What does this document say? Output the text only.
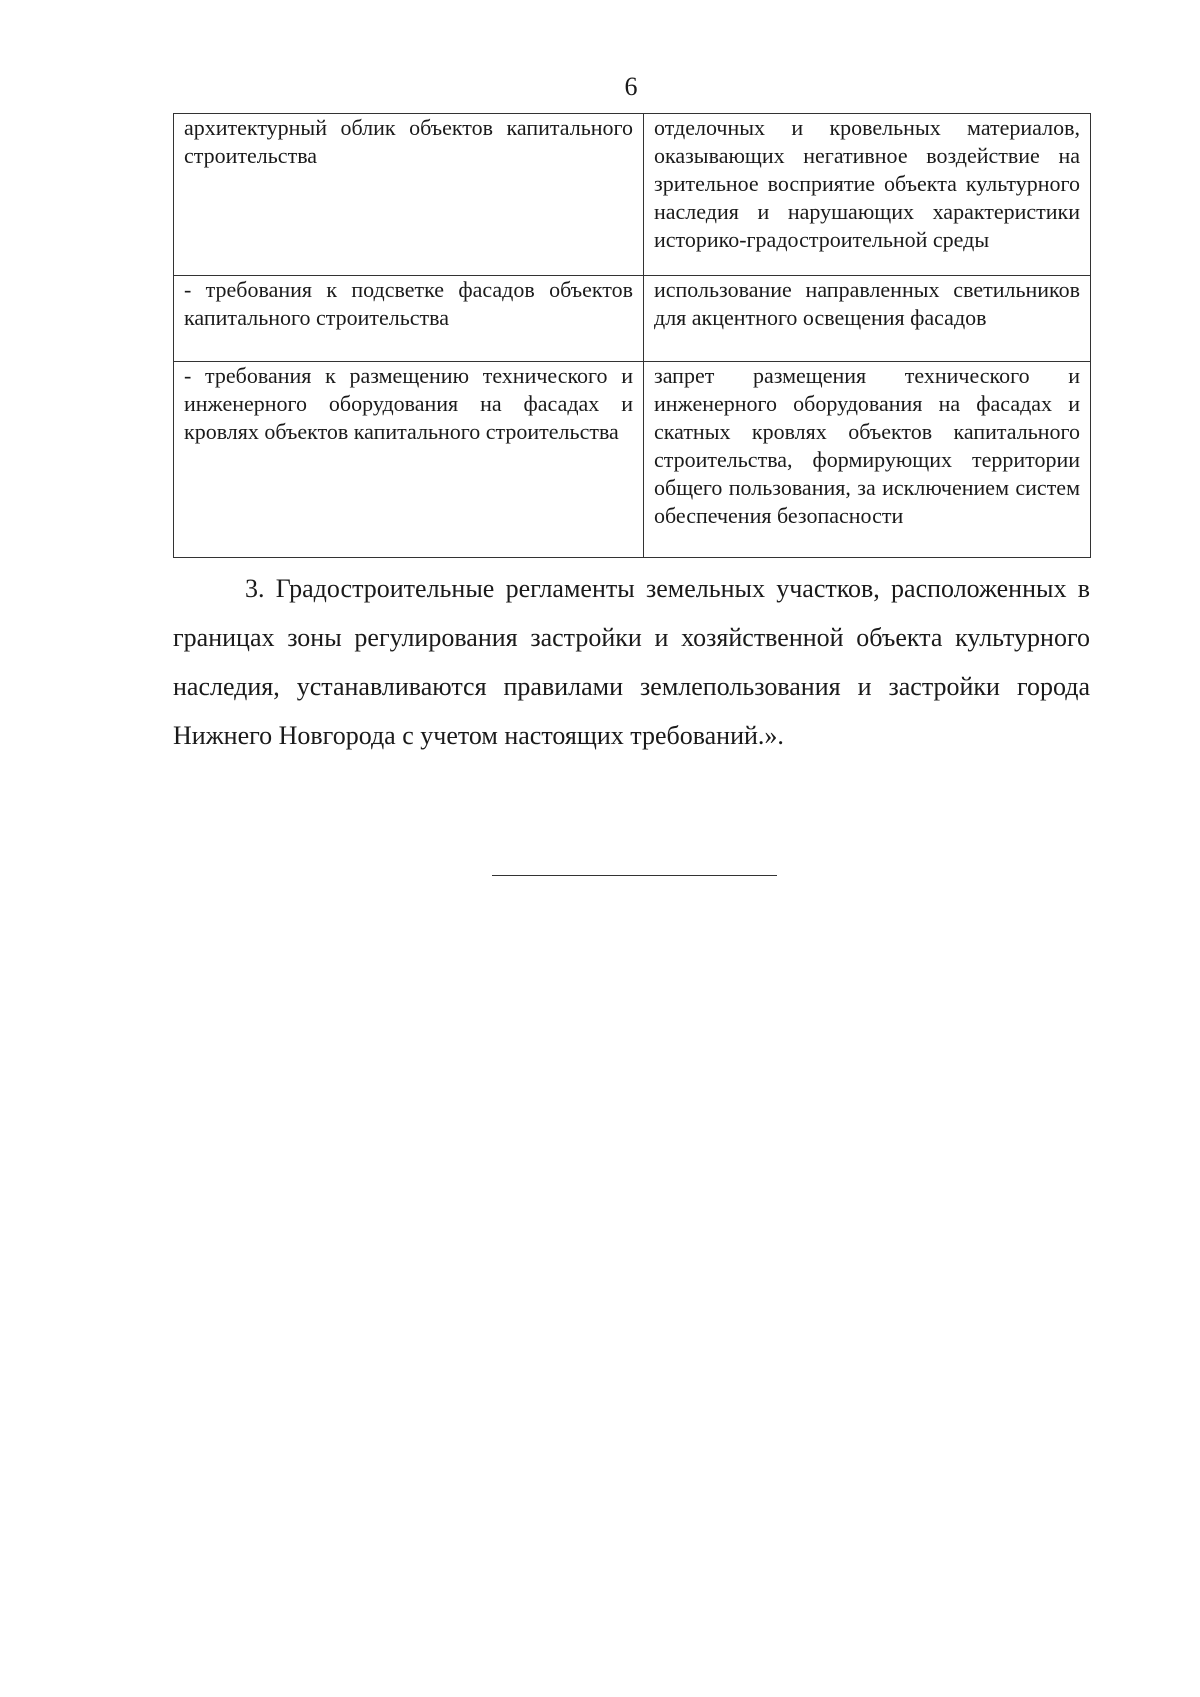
6
архитектурный облик объектов капитального строительства	отделочных и кровельных материалов, оказывающих негативное воздействие на зрительное восприятие объекта культурного наследия и нарушающих характеристики историко-градостроительной среды
- требования к подсветке фасадов объектов капитального строительства	использование направленных светильников для акцентного освещения фасадов
- требования к размещению технического и инженерного оборудования на фасадах и кровлях объектов капитального строительства	запрет размещения технического и инженерного оборудования на фасадах и скатных кровлях объектов капитального строительства, формирующих территории общего пользования, за исключением систем обеспечения безопасности

3. Градостроительные регламенты земельных участков, расположенных в границах зоны регулирования застройки и хозяйственной объекта культурного наследия, устанавливаются правилами землепользования и застройки города Нижнего Новгорода с учетом настоящих требований.».
